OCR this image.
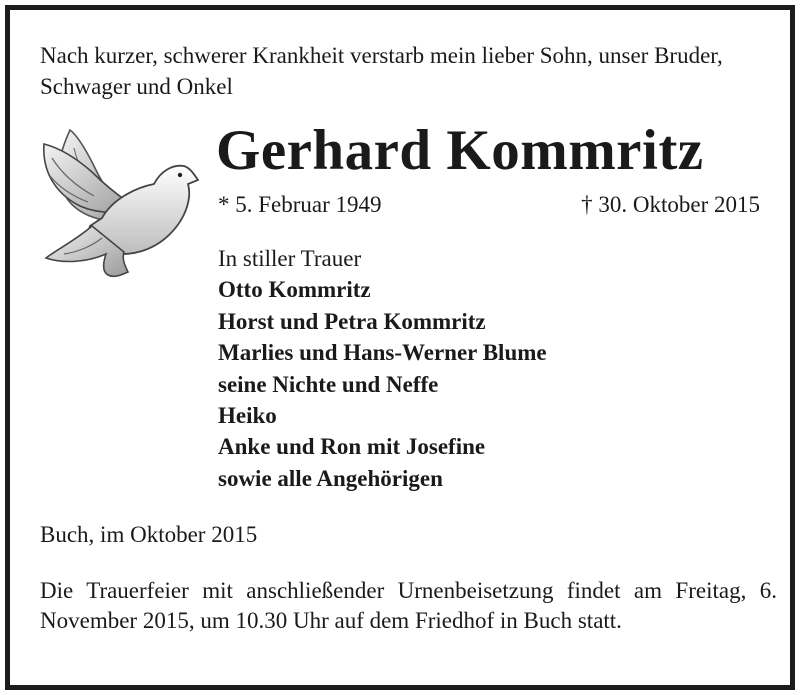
Nach kurzer, schwerer Krankheit verstarb mein lieber Sohn, unser Bruder, Schwager und Onkel

Gerhard Kommritz
* 5. Februar 1949	† 30. Oktober 2015
In stiller Trauer
Otto Kommritz
Horst und Petra Kommritz
Marlies und Hans-Werner Blume
seine Nichte und Neffe
Heiko
Anke und Ron mit Josefine
sowie alle Angehörigen
Buch, im Oktober 2015

Die Trauerfeier mit anschließender Urnenbeisetzung findet am Freitag, 6. November 2015, um 10.30 Uhr auf dem Friedhof in Buch statt.
